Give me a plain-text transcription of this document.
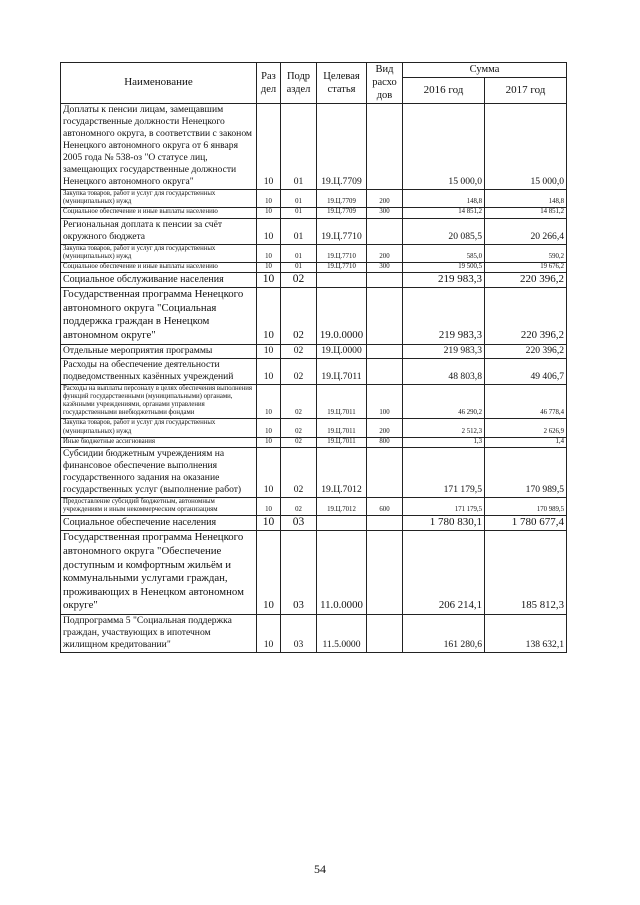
Наименование	Раз дел	Подр аздел	Целевая статья	Вид расхо дов	Сумма	
					2016 год	2017 год
Доплаты к пенсии лицам, замещавшим государственные должности Ненецкого автономного округа, в соответствии с законом Ненецкого автономного округа от 6 января 2005 года № 538-оз "О статусе лиц, замещающих государственные должности Ненецкого автономного округа"	10	01	19.Ц.7709		15 000,0	15 000,0
Закупка товаров, работ и услуг для государственных (муниципальных) нужд	10	01	19.Ц.7709	200	148,8	148,8
Социальное обеспечение и иные выплаты населению	10	01	19.Ц.7709	300	14 851,2	14 851,2
Региональная доплата к пенсии за счёт окружного бюджета	10	01	19.Ц.7710		20 085,5	20 266,4
Закупка товаров, работ и услуг для государственных (муниципальных) нужд	10	01	19.Ц.7710	200	585,0	590,2
Социальное обеспечение и иные выплаты населению	10	01	19.Ц.7710	300	19 500,5	19 676,2
Социальное обслуживание населения	10	02			219 983,3	220 396,2
Государственная программа Ненецкого автономного округа "Социальная поддержка граждан в Ненецком автономном округе"	10	02	19.0.0000		219 983,3	220 396,2
Отдельные мероприятия программы	10	02	19.Ц.0000		219 983,3	220 396,2
Расходы на обеспечение деятельности подведомственных казённых учреждений	10	02	19.Ц.7011		48 803,8	49 406,7
Расходы на выплаты персоналу в целях обеспечения выполнения функций государственными (муниципальными) органами, казёнными учреждениями, органами управления государственными внебюджетными фондами	10	02	19.Ц.7011	100	46 290,2	46 778,4
Закупка товаров, работ и услуг для государственных (муниципальных) нужд	10	02	19.Ц.7011	200	2 512,3	2 626,9
Иные бюджетные ассигнования	10	02	19.Ц.7011	800	1,3	1,4
Субсидии бюджетным учреждениям на финансовое обеспечение выполнения государственного задания на оказание государственных услуг (выполнение работ)	10	02	19.Ц.7012		171 179,5	170 989,5
Предоставление субсидий бюджетным, автономным учреждениям и иным некоммерческим организациям	10	02	19.Ц.7012	600	171 179,5	170 989,5
Социальное обеспечение населения	10	03			1 780 830,1	1 780 677,4
Государственная программа Ненецкого автономного округа "Обеспечение доступным и комфортным жильём и коммунальными услугами граждан, проживающих в Ненецком автономном округе"	10	03	11.0.0000		206 214,1	185 812,3
Подпрограмма 5 "Социальная поддержка граждан, участвующих в ипотечном жилищном кредитовании"	10	03	11.5.0000		161 280,6	138 632,1
54
